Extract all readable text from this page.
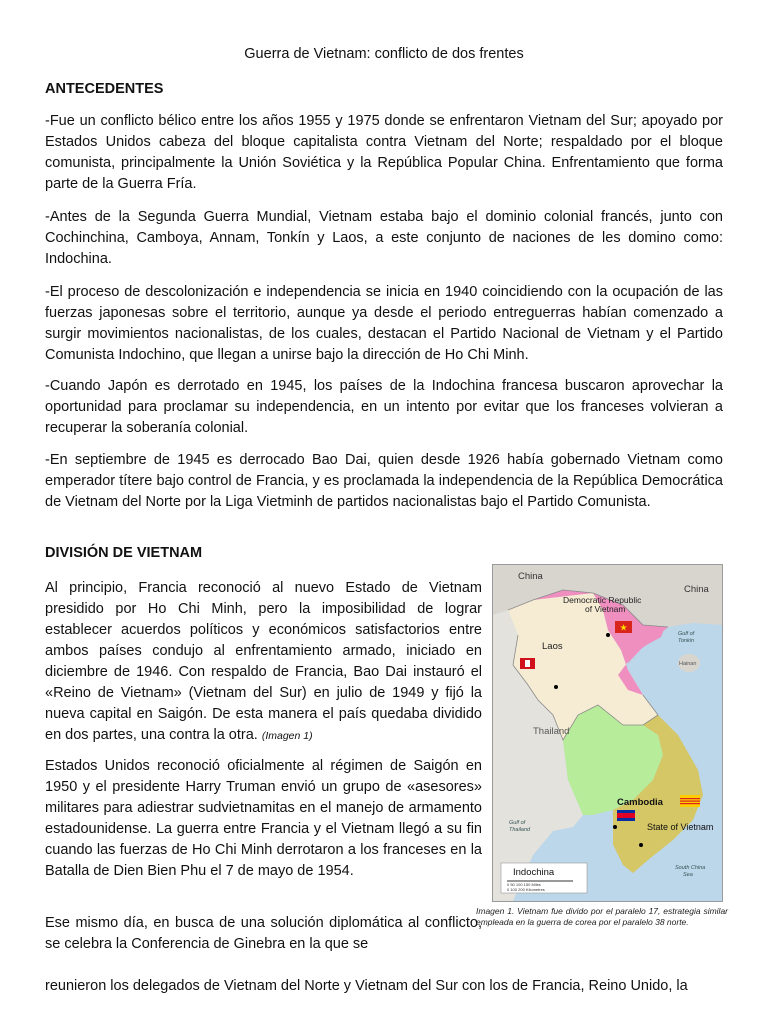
Guerra de Vietnam: conflicto de dos frentes
ANTECEDENTES

-Fue un conflicto bélico entre los años 1955 y 1975 donde se enfrentaron Vietnam del Sur; apoyado por Estados Unidos cabeza del bloque capitalista contra Vietnam del Norte; respaldado por el bloque comunista, principalmente la Unión Soviética y la República Popular China. Enfrentamiento que forma parte de la Guerra Fría.

-Antes de la Segunda Guerra Mundial, Vietnam estaba bajo el dominio colonial francés, junto con Cochinchina, Camboya, Annam, Tonkín y Laos, a este conjunto de naciones de les domino como: Indochina.

-El proceso de descolonización e independencia se inicia en 1940 coincidiendo con la ocupación de las fuerzas japonesas sobre el territorio, aunque ya desde el periodo entreguerras habían comenzado a surgir movimientos nacionalistas, de los cuales, destacan el Partido Nacional de Vietnam y el Partido Comunista Indochino, que llegan a unirse bajo la dirección de Ho Chi Minh.

-Cuando Japón es derrotado en 1945, los países de la Indochina francesa buscaron aprovechar la oportunidad para proclamar su independencia, en un intento por evitar que los franceses volvieran a recuperar la soberanía colonial.

-En septiembre de 1945 es derrocado Bao Dai, quien desde 1926 había gobernado Vietnam como emperador títere bajo control de Francia, y es proclamada la independencia de la República Democrática de Vietnam del Norte por la Liga Vietminh de partidos nacionalistas bajo el Partido Comunista.

DIVISIÓN DE VIETNAM

Al principio, Francia reconoció al nuevo Estado de Vietnam presidido por Ho Chi Minh, pero la imposibilidad de lograr establecer acuerdos políticos y económicos satisfactorios entre ambos países condujo al enfrentamiento armado, iniciado en diciembre de 1946. Con respaldo de Francia, Bao Dai instauró el «Reino de Vietnam» (Vietnam del Sur) en julio de 1949 y fijó la nueva capital en Saigón. De esta manera el país quedaba dividido en dos partes, una contra la otra. (Imagen 1)

Estados Unidos reconoció oficialmente al régimen de Saigón en 1950 y el presidente Harry Truman envió un grupo de «asesores» militares para adiestrar sudvietnamitas en el manejo de armamento estadounidense. La guerra entre Francia y el Vietnam llegó a su fin cuando las fuerzas de Ho Chi Minh derrotaron a los franceses en la Batalla de Dien Bien Phu el 7 de mayo de 1954.

Ese mismo día, en busca de una solución diplomática al conflicto, se celebra la Conferencia de Ginebra en la que se

reunieron los delegados de Vietnam del Norte y Vietnam del Sur con los de Francia, Reino Unido, la

★
China
China
Democratic Republic
of Vietnam
Laos
Gulf of
Tonkin
Hainan
Thailand
Cambodia
Gulf of
Thailand	State of Vietnam
South China
Sea
Indochina
0 50 100 150 Miles
0 100 200 Kilometres
Imagen 1. Vietnam fue divido por el paralelo 17, estrategia similar empleada en la guerra de corea por el paralelo 38 norte.
